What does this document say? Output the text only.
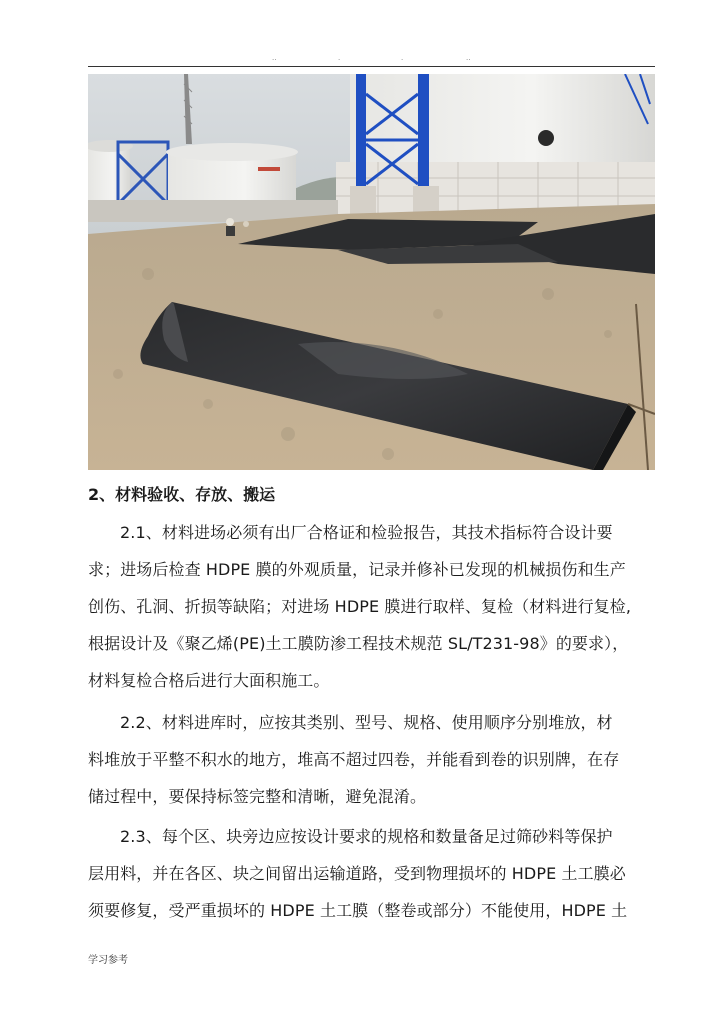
..	.	.	..
2、材料验收、存放、搬运
2.1、材料进场必须有出厂合格证和检验报告，其技术指标符合设计要
求；进场后检查 HDPE 膜的外观质量，记录并修补已发现的机械损伤和生产
创伤、孔洞、折损等缺陷；对进场 HDPE 膜进行取样、复检（材料进行复检,
根据设计及《聚乙烯(PE)土工膜防渗工程技术规范 SL/T231-98》的要求），
材料复检合格后进行大面积施工。
2.2、材料进库时，应按其类别、型号、规格、使用顺序分别堆放，材
料堆放于平整不积水的地方，堆高不超过四卷，并能看到卷的识别牌，在存
储过程中，要保持标签完整和清晰，避免混淆。
2.3、每个区、块旁边应按设计要求的规格和数量备足过筛砂料等保护
层用料，并在各区、块之间留出运输道路，受到物理损坏的 HDPE 土工膜必
须要修复，受严重损坏的 HDPE 土工膜（整卷或部分）不能使用，HDPE 土
学习参考
